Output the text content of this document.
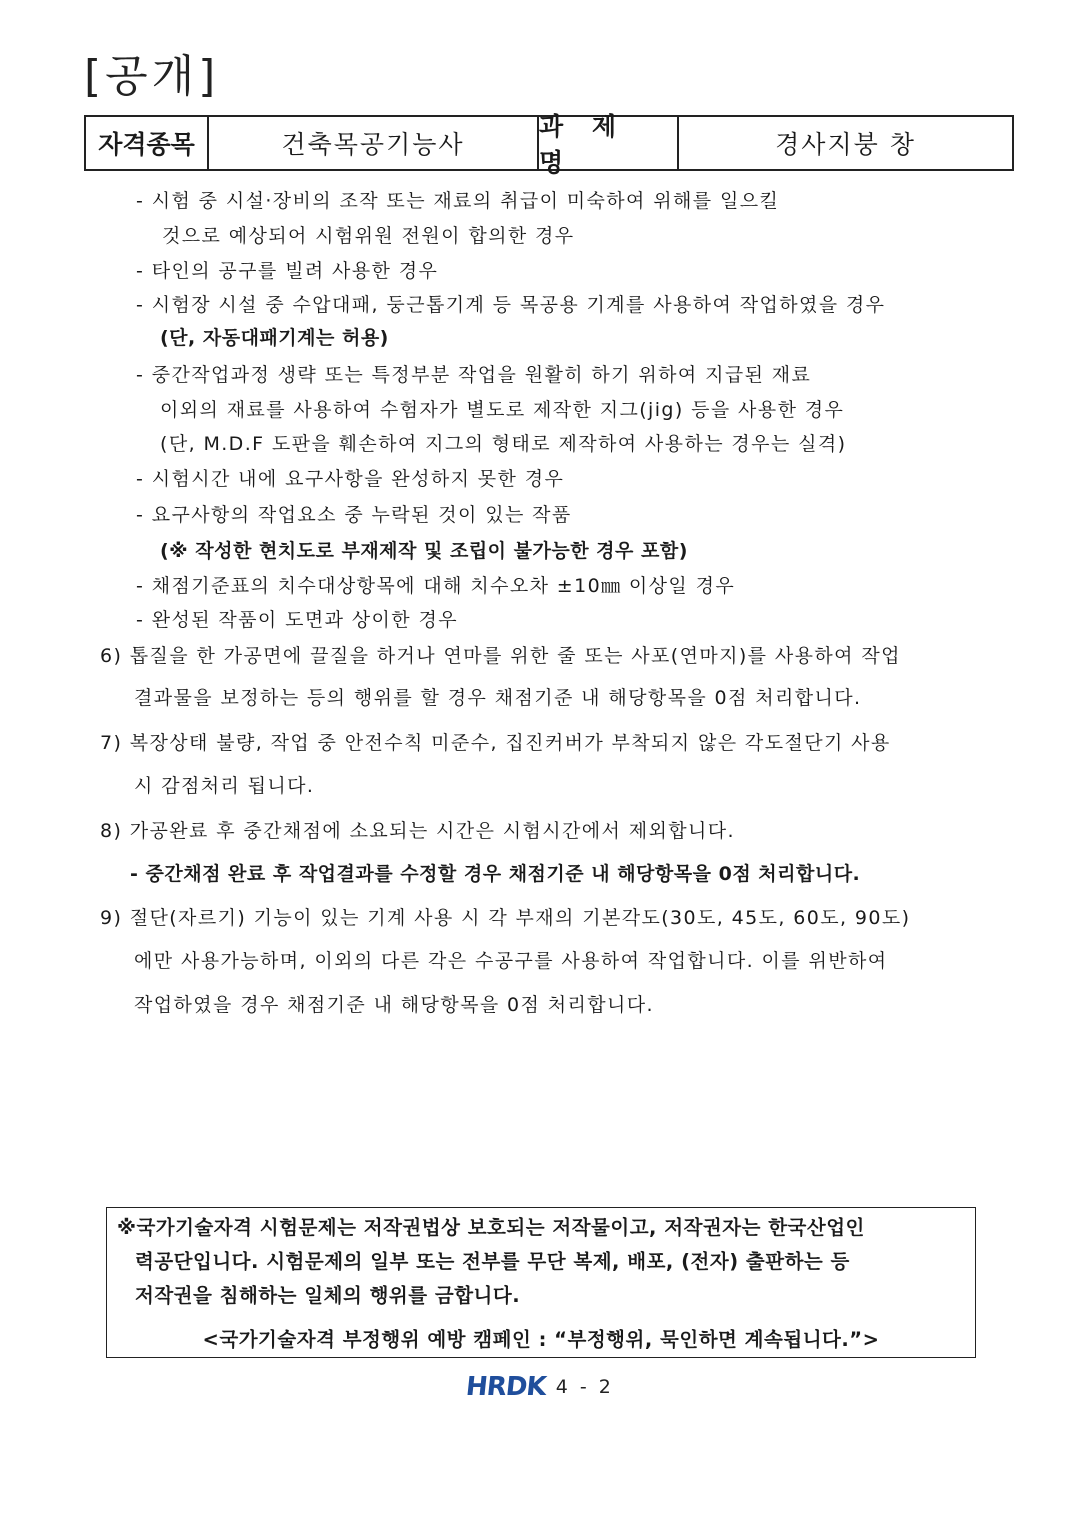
[공개]
자격종목	건축목공기능사
과 제 명
경사지붕 창
- 시험 중 시설·장비의 조작 또는 재료의 취급이 미숙하여 위해를 일으킬
것으로 예상되어 시험위원 전원이 합의한 경우
- 타인의 공구를 빌려 사용한 경우
- 시험장 시설 중 수압대패, 둥근톱기계 등 목공용 기계를 사용하여 작업하였을 경우
(단, 자동대패기계는 허용)
- 중간작업과정 생략 또는 특정부분 작업을 원활히 하기 위하여 지급된 재료
이외의 재료를 사용하여 수험자가 별도로 제작한 지그(jig) 등을 사용한 경우
(단, M.D.F 도판을 훼손하여 지그의 형태로 제작하여 사용하는 경우는 실격)
- 시험시간 내에 요구사항을 완성하지 못한 경우
- 요구사항의 작업요소 중 누락된 것이 있는 작품
(※ 작성한 현치도로 부재제작 및 조립이 불가능한 경우 포함)
- 채점기준표의 치수대상항목에 대해 치수오차 ±10㎜ 이상일 경우
- 완성된 작품이 도면과 상이한 경우
6) 톱질을 한 가공면에 끌질을 하거나 연마를 위한 줄 또는 사포(연마지)를 사용하여 작업
결과물을 보정하는 등의 행위를 할 경우 채점기준 내 해당항목을 0점 처리합니다.
7) 복장상태 불량, 작업 중 안전수칙 미준수, 집진커버가 부착되지 않은 각도절단기 사용
시 감점처리 됩니다.
8) 가공완료 후 중간채점에 소요되는 시간은 시험시간에서 제외합니다.
- 중간채점 완료 후 작업결과를 수정할 경우 채점기준 내 해당항목을 0점 처리합니다.
9) 절단(자르기) 기능이 있는 기계 사용 시 각 부재의 기본각도(30도, 45도, 60도, 90도)
에만 사용가능하며, 이외의 다른 각은 수공구를 사용하여 작업합니다. 이를 위반하여
작업하였을 경우 채점기준 내 해당항목을 0점 처리합니다.
※국가기술자격 시험문제는 저작권법상 보호되는 저작물이고, 저작권자는 한국산업인
력공단입니다. 시험문제의 일부 또는 전부를 무단 복제, 배포, (전자) 출판하는 등
저작권을 침해하는 일체의 행위를 금합니다.
<국가기술자격 부정행위 예방 캠페인 : “부정행위, 묵인하면 계속됩니다.”>
HRDK 4 - 2
